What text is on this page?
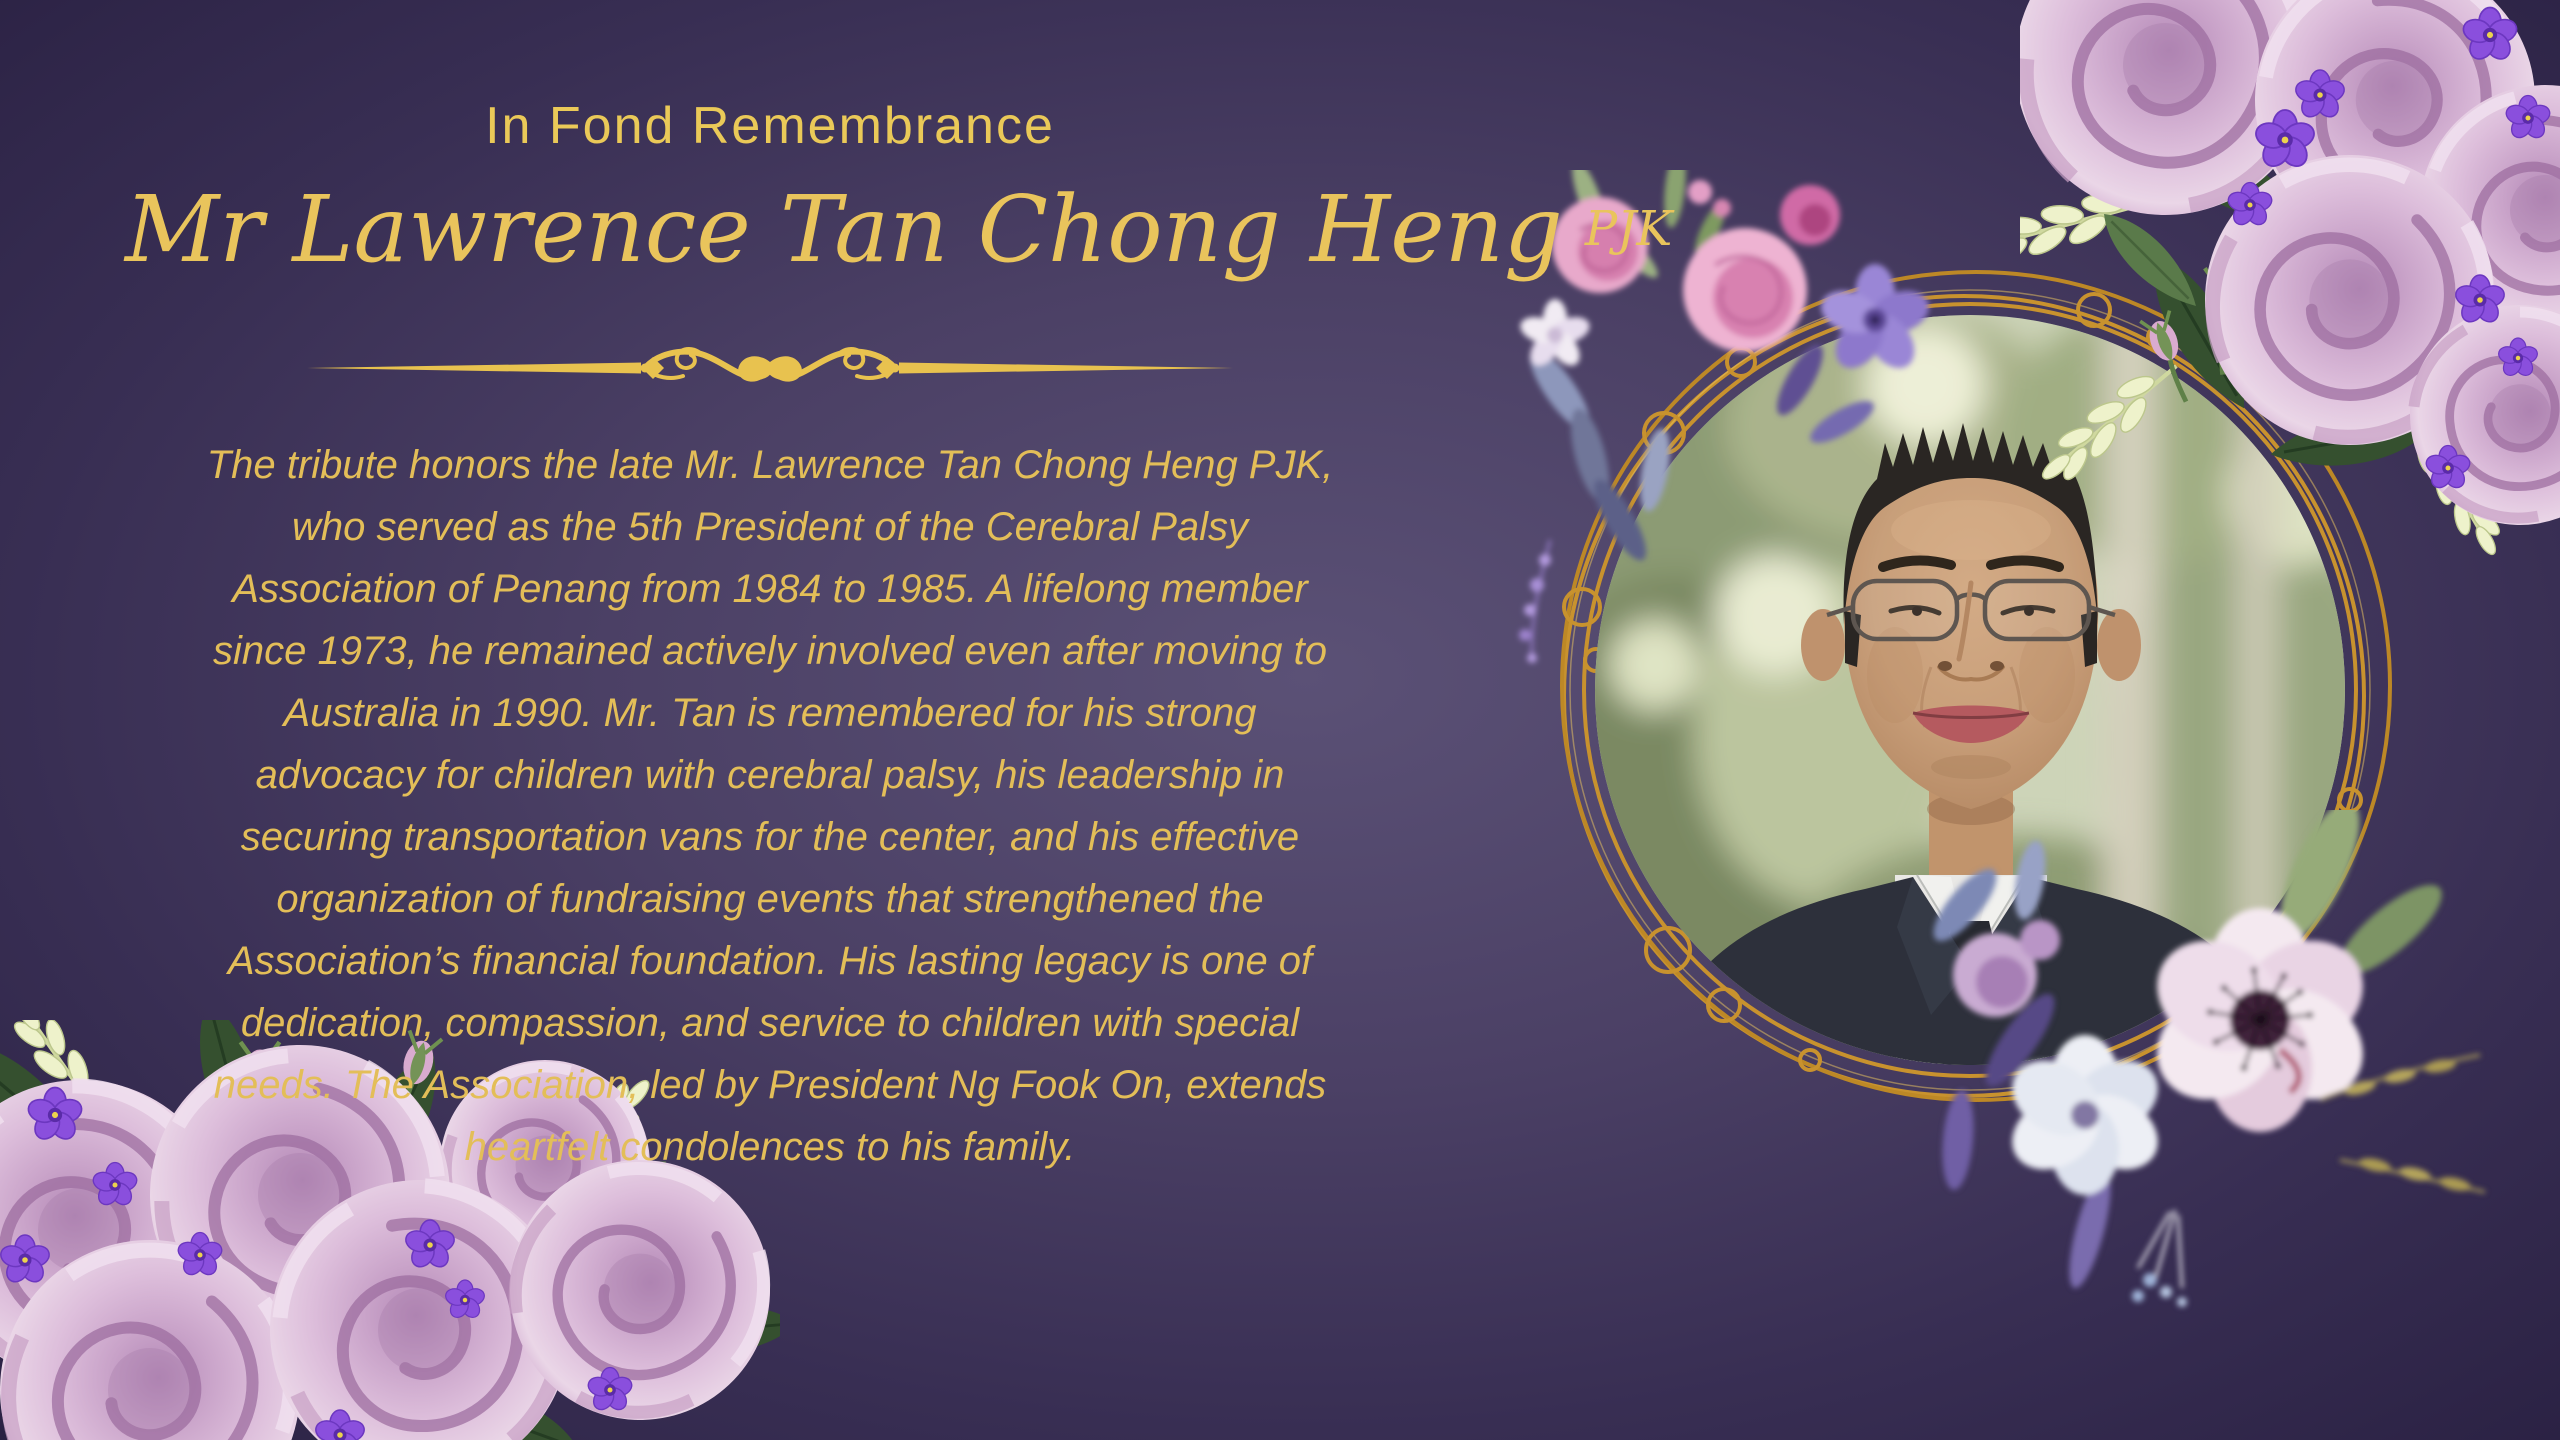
In Fond Remembrance
Mr Lawrence Tan Chong Heng PJK
The tribute honors the late Mr. Lawrence Tan Chong Heng PJK,
who served as the 5th President of the Cerebral Palsy
Association of Penang from 1984 to 1985. A lifelong member
since 1973, he remained actively involved even after moving to
Australia in 1990. Mr. Tan is remembered for his strong
advocacy for children with cerebral palsy, his leadership in
securing transportation vans for the center, and his effective
organization of fundraising events that strengthened the
Association’s financial foundation. His lasting legacy is one of
dedication, compassion, and service to children with special
needs. The Association, led by President Ng Fook On, extends
heartfelt condolences to his family.
